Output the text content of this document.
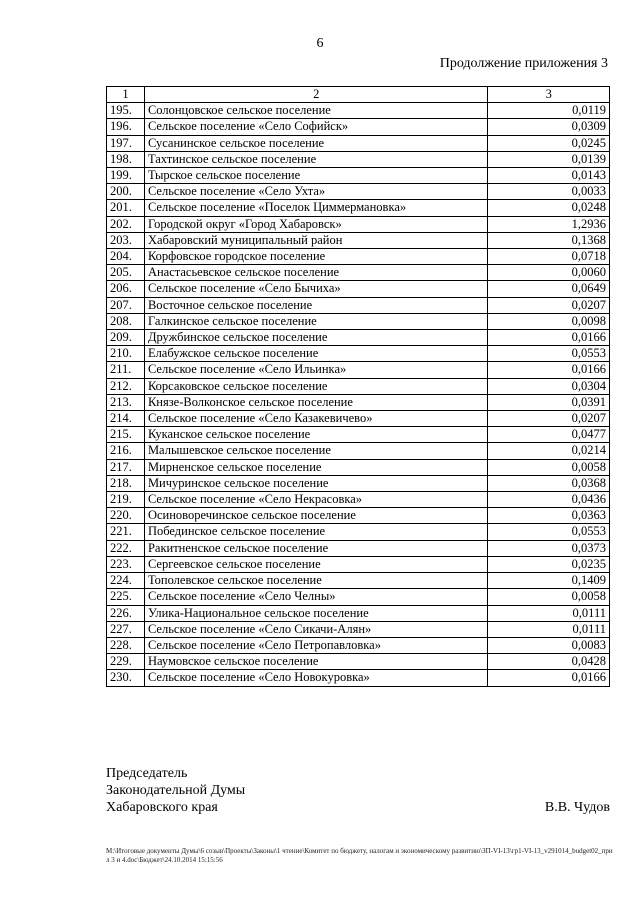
6
Продолжение приложения 3
1	2	3
195.	Солонцовское сельское поселение	0,0119
196.	Сельское поселение «Село Софийск»	0,0309
197.	Сусанинское сельское поселение	0,0245
198.	Тахтинское сельское поселение	0,0139
199.	Тырское сельское поселение	0,0143
200.	Сельское поселение «Село Ухта»	0,0033
201.	Сельское поселение «Поселок Циммермановка»	0,0248
202.	Городской округ «Город Хабаровск»	1,2936
203.	Хабаровский муниципальный район	0,1368
204.	Корфовское городское поселение	0,0718
205.	Анастасьевское сельское поселение	0,0060
206.	Сельское поселение «Село Бычиха»	0,0649
207.	Восточное сельское поселение	0,0207
208.	Галкинское сельское поселение	0,0098
209.	Дружбинское сельское поселение	0,0166
210.	Елабужское сельское поселение	0,0553
211.	Сельское поселение «Село Ильинка»	0,0166
212.	Корсаковское сельское поселение	0,0304
213.	Князе-Волконское сельское поселение	0,0391
214.	Сельское поселение «Село Казакевичево»	0,0207
215.	Куканское сельское поселение	0,0477
216.	Малышевское сельское поселение	0,0214
217.	Мирненское сельское поселение	0,0058
218.	Мичуринское сельское поселение	0,0368
219.	Сельское поселение «Село Некрасовка»	0,0436
220.	Осиноворечинское сельское поселение	0,0363
221.	Побединское сельское поселение	0,0553
222.	Ракитненское сельское поселение	0,0373
223.	Сергеевское сельское поселение	0,0235
224.	Тополевское сельское поселение	0,1409
225.	Сельское поселение «Село Челны»	0,0058
226.	Улика-Национальное сельское поселение	0,0111
227.	Сельское поселение «Село Сикачи-Алян»	0,0111
228.	Сельское поселение «Село Петропавловка»	0,0083
229.	Наумовское сельское поселение	0,0428
230.	Сельское поселение «Село Новокуровка»	0,0166
Председатель
Законодательной Думы
Хабаровского края	В.В. Чудов
M:\Итоговые документы Думы\6 созыв\Проекты\Законы\1 чтение\Комитет по бюджету, налогам и экономическому развитию\ЗП-VI-13\гр1-VI-13_v291014_budget02_прил 3 и 4.doc\Бюджет\24.10.2014 15:15:56
